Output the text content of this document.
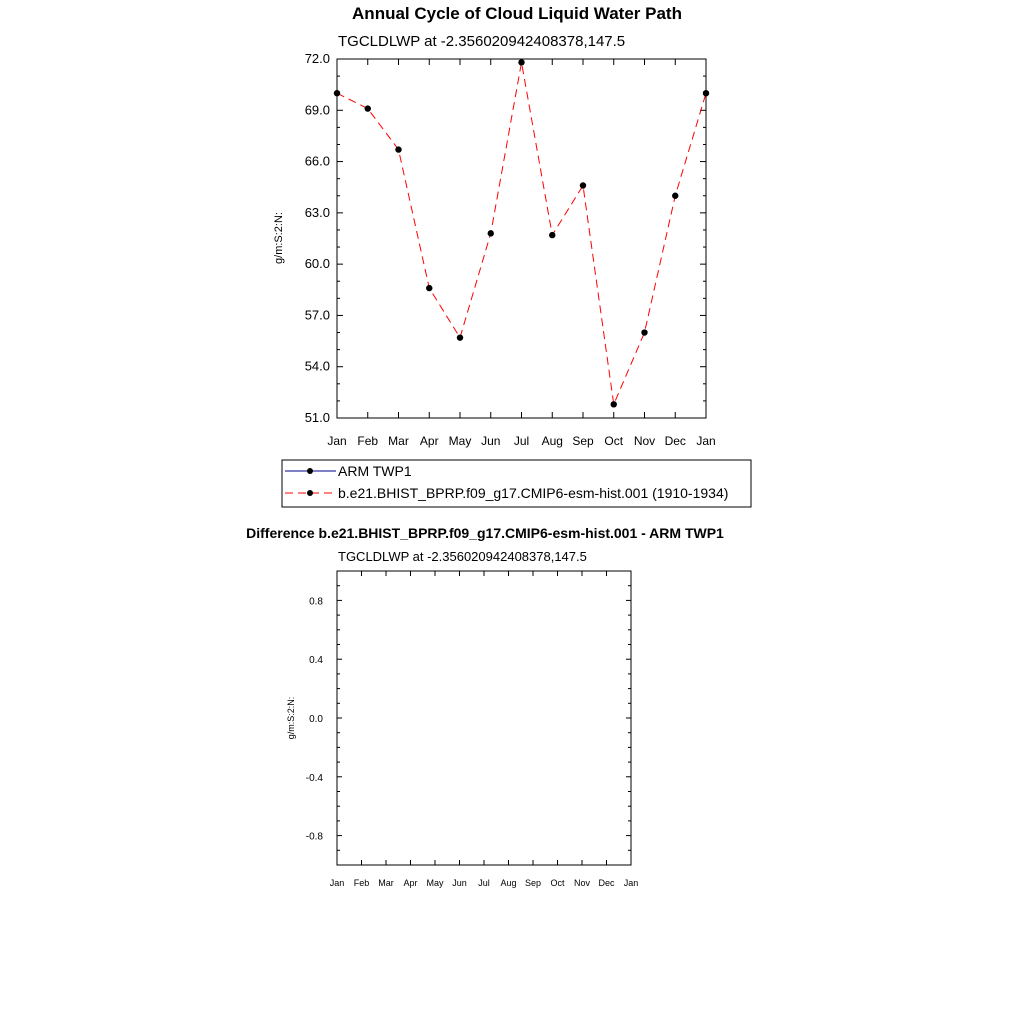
Annual Cycle of Cloud Liquid Water Path
TGCLDLWP at -2.356020942408378,147.5
g/m:S:2:N:
51.0
54.0
57.0
60.0
63.0
66.0
69.0
72.0
Jan Feb Mar Apr May Jun Jul Aug Sep Oct Nov Dec Jan
ARM TWP1
b.e21.BHIST_BPRP.f09_g17.CMIP6-esm-hist.001 (1910-1934)
Difference b.e21.BHIST_BPRP.f09_g17.CMIP6-esm-hist.001 - ARM TWP1
TGCLDLWP at -2.356020942408378,147.5
g/m:S:2:N:
-0.8
-0.4
0.0
0.4
0.8
Jan Feb Mar Apr May Jun Jul Aug Sep Oct Nov Dec Jan
